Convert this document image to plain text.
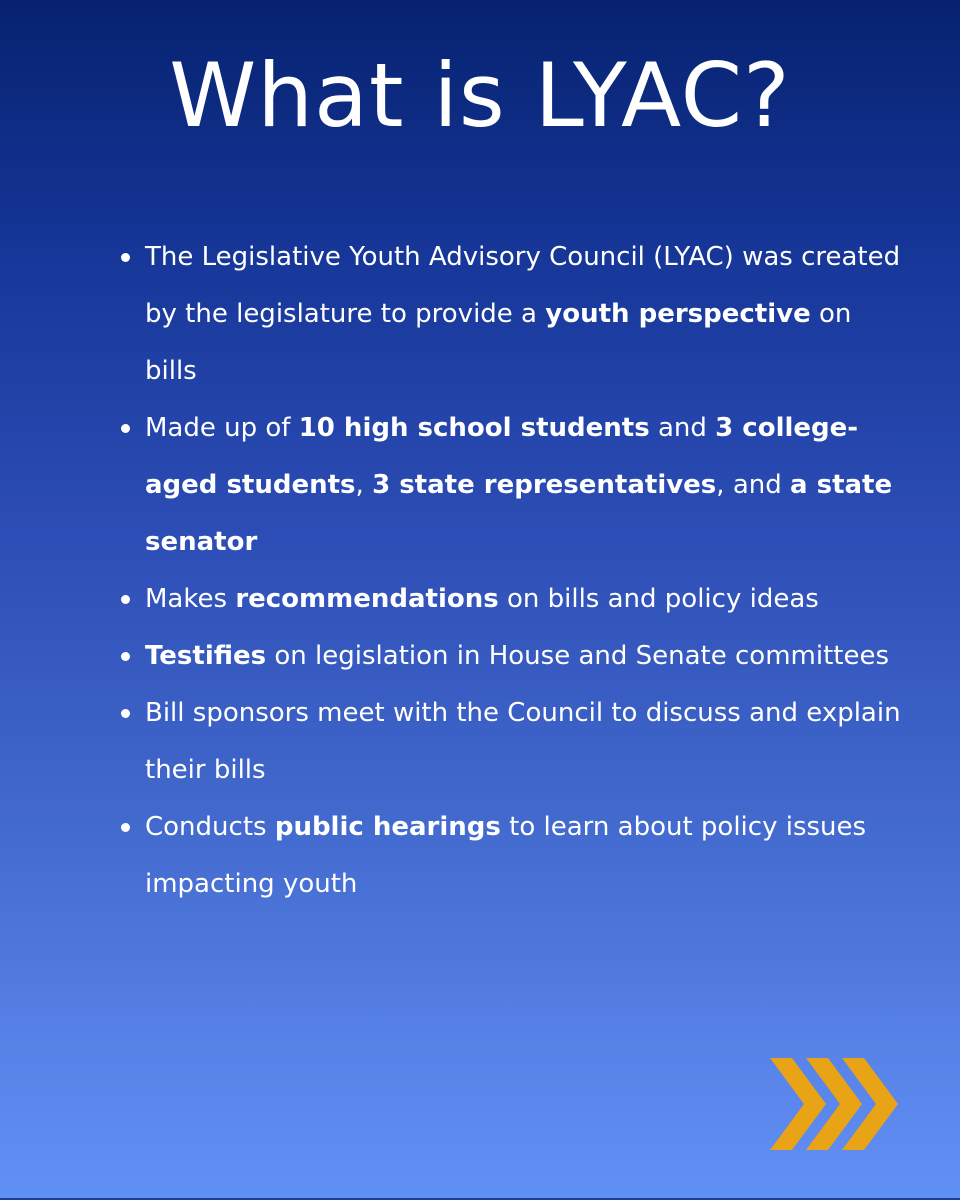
What is LYAC?
The Legislative Youth Advisory Council (LYAC) was created by the legislature to provide a youth perspective on bills
Made up of 10 high school students and 3 college-aged students, 3 state representatives, and a state senator
Makes recommendations on bills and policy ideas
Testifies on legislation in House and Senate committees
Bill sponsors meet with the Council to discuss and explain their bills
Conducts public hearings to learn about policy issues impacting youth
